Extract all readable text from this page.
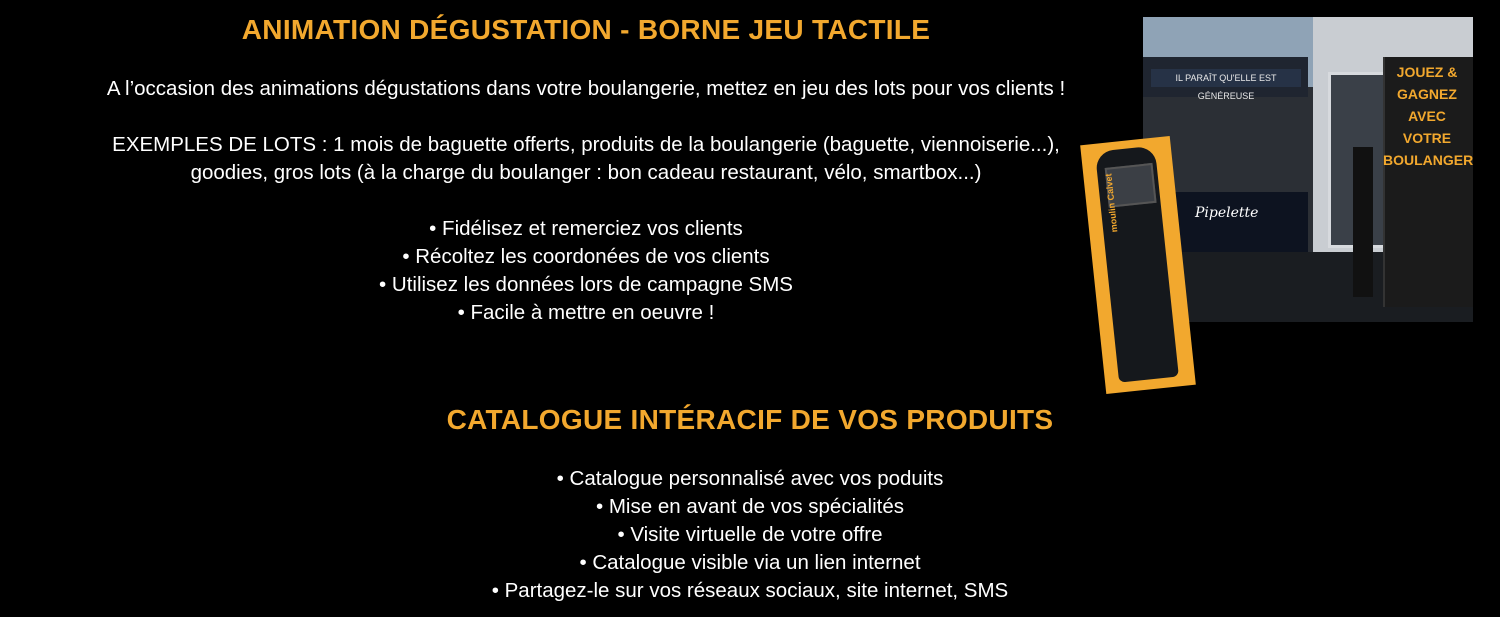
ANIMATION DÉGUSTATION - BORNE JEU TACTILE
A l’occasion des animations dégustations dans votre boulangerie, mettez en jeu des lots pour vos clients !
EXEMPLES DE LOTS : 1 mois de baguette offerts, produits de la boulangerie (baguette, viennoiserie...),
goodies, gros lots (à la charge du boulanger : bon cadeau restaurant, vélo, smartbox...)
• Fidélisez et remerciez vos clients
• Récoltez les coordonées de vos clients
• Utilisez les données lors de campagne SMS
• Facile à mettre en oeuvre !
CATALOGUE INTÉRACIF DE VOS PRODUITS
• Catalogue personnalisé avec vos poduits
• Mise en avant de vos spécialités
• Visite virtuelle de votre offre
• Catalogue visible via un lien internet
• Partagez-le sur vos réseaux sociaux, site internet, SMS
IL PARAÎT QU'ELLE EST GÉNÉREUSE
Pipelette
JOUEZ &
GAGNEZ
AVEC VOTRE
BOULANGER
moulin Calvet
